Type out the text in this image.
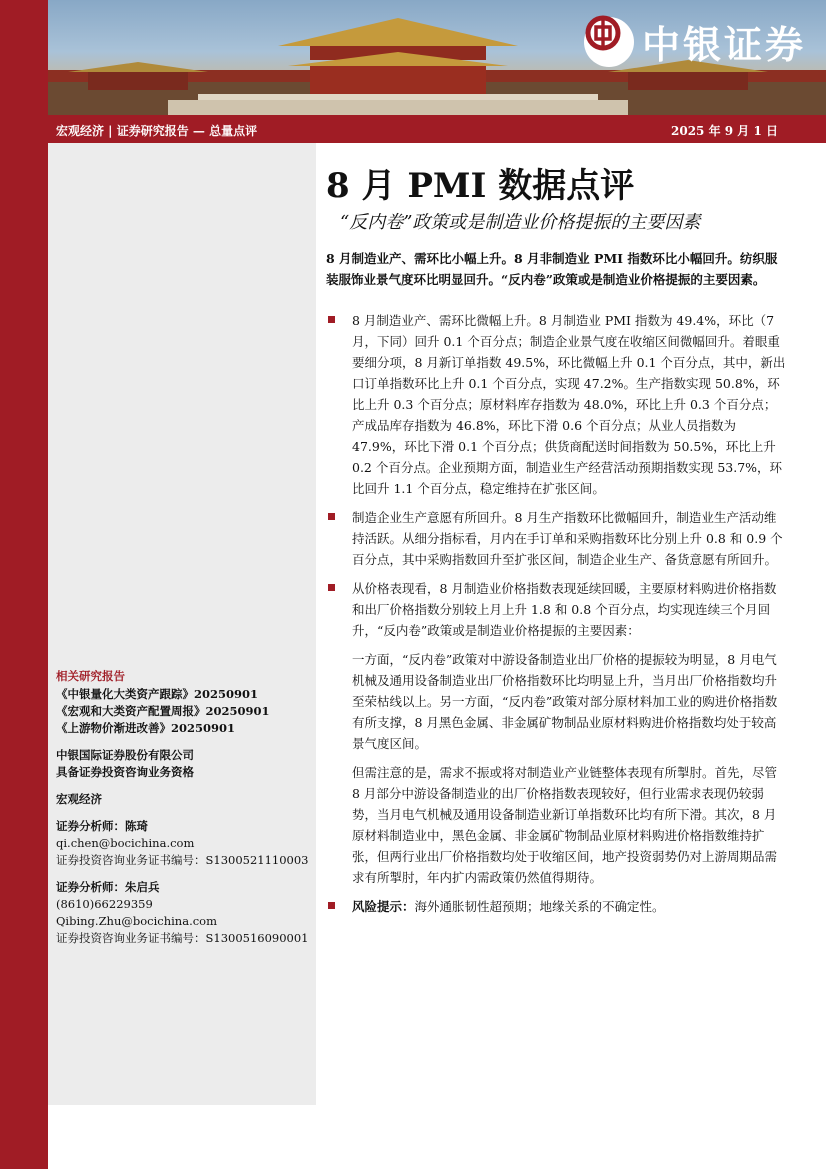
中银证券
宏观经济 | 证券研究报告 — 总量点评	2025 年 9 月 1 日
8 月 PMI 数据点评
“反内卷”政策或是制造业价格提振的主要因素
8 月制造业产、需环比小幅上升。8 月非制造业 PMI 指数环比小幅回升。纺织服装服饰业景气度环比明显回升。“反内卷”政策或是制造业价格提振的主要因素。
8 月制造业产、需环比微幅上升。8 月制造业 PMI 指数为 49.4%，环比（7 月，下同）回升 0.1 个百分点；制造企业景气度在收缩区间微幅回升。着眼重要细分项，8 月新订单指数 49.5%，环比微幅上升 0.1 个百分点，其中，新出口订单指数环比上升 0.1 个百分点，实现 47.2%。生产指数实现 50.8%，环比上升 0.3 个百分点；原材料库存指数为 48.0%，环比上升 0.3 个百分点；产成品库存指数为 46.8%，环比下滑 0.6 个百分点；从业人员指数为 47.9%，环比下滑 0.1 个百分点；供货商配送时间指数为 50.5%，环比上升 0.2 个百分点。企业预期方面，制造业生产经营活动预期指数实现 53.7%，环比回升 1.1 个百分点，稳定维持在扩张区间。
制造企业生产意愿有所回升。8 月生产指数环比微幅回升，制造业生产活动维持活跃。从细分指标看，月内在手订单和采购指数环比分别上升 0.8 和 0.9 个百分点，其中采购指数回升至扩张区间，制造企业生产、备货意愿有所回升。
从价格表现看，8 月制造业价格指数表现延续回暖，主要原材料购进价格指数和出厂价格指数分别较上月上升 1.8 和 0.8 个百分点，均实现连续三个月回升，“反内卷”政策或是制造业价格提振的主要因素：
一方面，“反内卷”政策对中游设备制造业出厂价格的提振较为明显，8 月电气机械及通用设备制造业出厂价格指数环比均明显上升，当月出厂价格指数均升至荣枯线以上。另一方面，“反内卷”政策对部分原材料加工业的购进价格指数有所支撑，8 月黑色金属、非金属矿物制品业原材料购进价格指数均处于较高景气度区间。
但需注意的是，需求不振或将对制造业产业链整体表现有所掣肘。首先，尽管 8 月部分中游设备制造业的出厂价格指数表现较好，但行业需求表现仍较弱势，当月电气机械及通用设备制造业新订单指数环比均有所下滑。其次，8 月原材料制造业中，黑色金属、非金属矿物制品业原材料购进价格指数维持扩张，但两行业出厂价格指数均处于收缩区间，地产投资弱势仍对上游周期品需求有所掣肘，年内扩内需政策仍然值得期待。
风险提示：海外通胀韧性超预期；地缘关系的不确定性。
相关研究报告
《中银量化大类资产跟踪》20250901
《宏观和大类资产配置周报》20250901
《上游物价渐进改善》20250901
中银国际证券股份有限公司
具备证券投资咨询业务资格
宏观经济
证券分析师：陈琦
qi.chen@bocichina.com
证券投资咨询业务证书编号：S1300521110003
证券分析师：朱启兵
(8610)66229359
Qibing.Zhu@bocichina.com
证券投资咨询业务证书编号：S1300516090001
